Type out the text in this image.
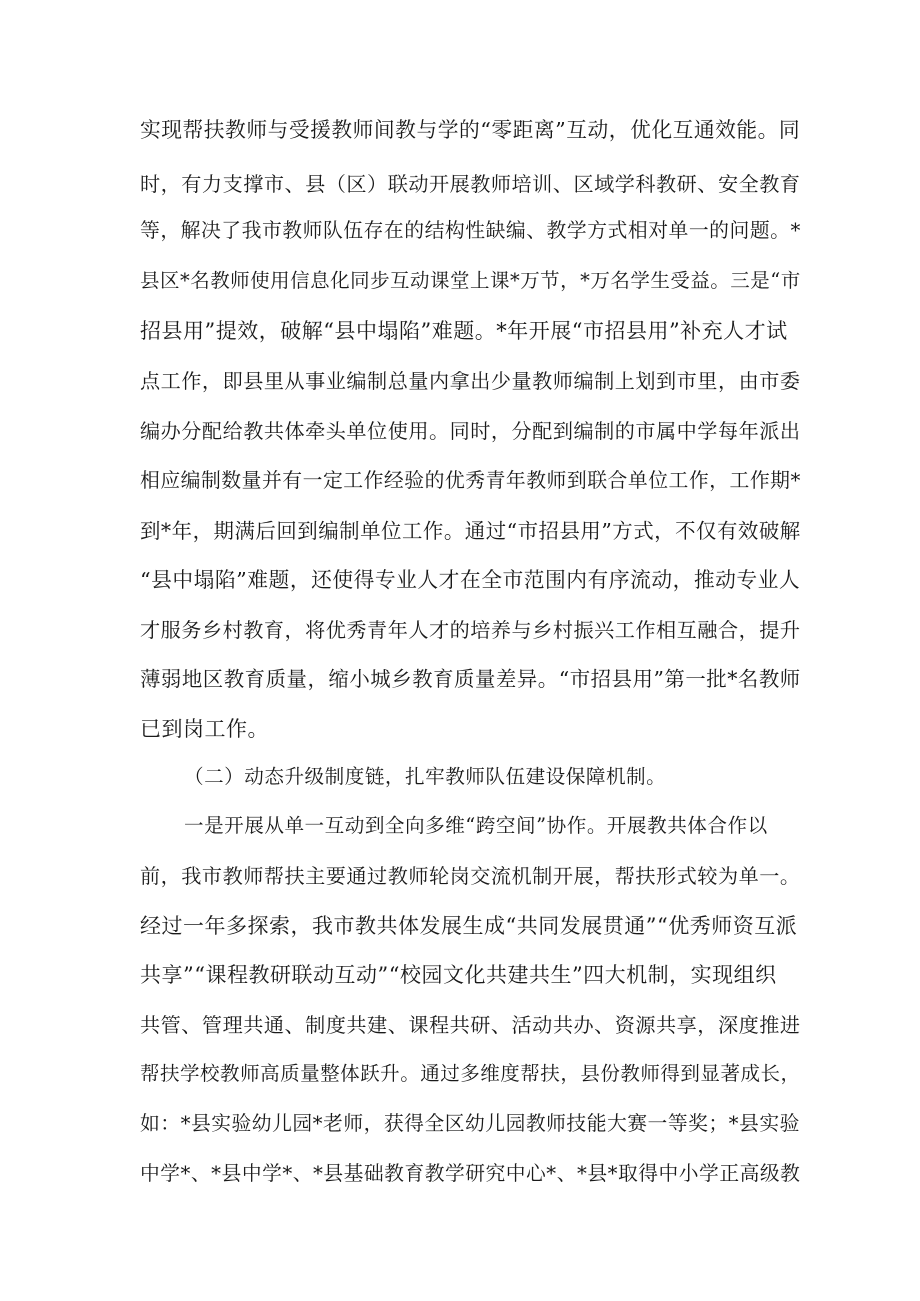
实现帮扶教师与受援教师间教与学的“零距离”互动，优化互通效能。同
时，有力支撑市、县（区）联动开展教师培训、区域学科教研、安全教育
等，解决了我市教师队伍存在的结构性缺编、教学方式相对单一的问题。*
县区*名教师使用信息化同步互动课堂上课*万节，*万名学生受益。三是“市
招县用”提效，破解“县中塌陷”难题。*年开展“市招县用”补充人才试
点工作，即县里从事业编制总量内拿出少量教师编制上划到市里，由市委
编办分配给教共体牵头单位使用。同时，分配到编制的市属中学每年派出
相应编制数量并有一定工作经验的优秀青年教师到联合单位工作，工作期*
到*年，期满后回到编制单位工作。通过“市招县用”方式，不仅有效破解
“县中塌陷”难题，还使得专业人才在全市范围内有序流动，推动专业人
才服务乡村教育，将优秀青年人才的培养与乡村振兴工作相互融合，提升
薄弱地区教育质量，缩小城乡教育质量差异。“市招县用”第一批*名教师
已到岗工作。
（二）动态升级制度链，扎牢教师队伍建设保障机制。
一是开展从单一互动到全向多维“跨空间”协作。开展教共体合作以
前，我市教师帮扶主要通过教师轮岗交流机制开展，帮扶形式较为单一。
经过一年多探索，我市教共体发展生成“共同发展贯通”“优秀师资互派
共享”“课程教研联动互动”“校园文化共建共生”四大机制，实现组织
共管、管理共通、制度共建、课程共研、活动共办、资源共享，深度推进
帮扶学校教师高质量整体跃升。通过多维度帮扶，县份教师得到显著成长，
如：*县实验幼儿园*老师，获得全区幼儿园教师技能大赛一等奖；*县实验
中学*、*县中学*、*县基础教育教学研究中心*、*县*取得中小学正高级教
